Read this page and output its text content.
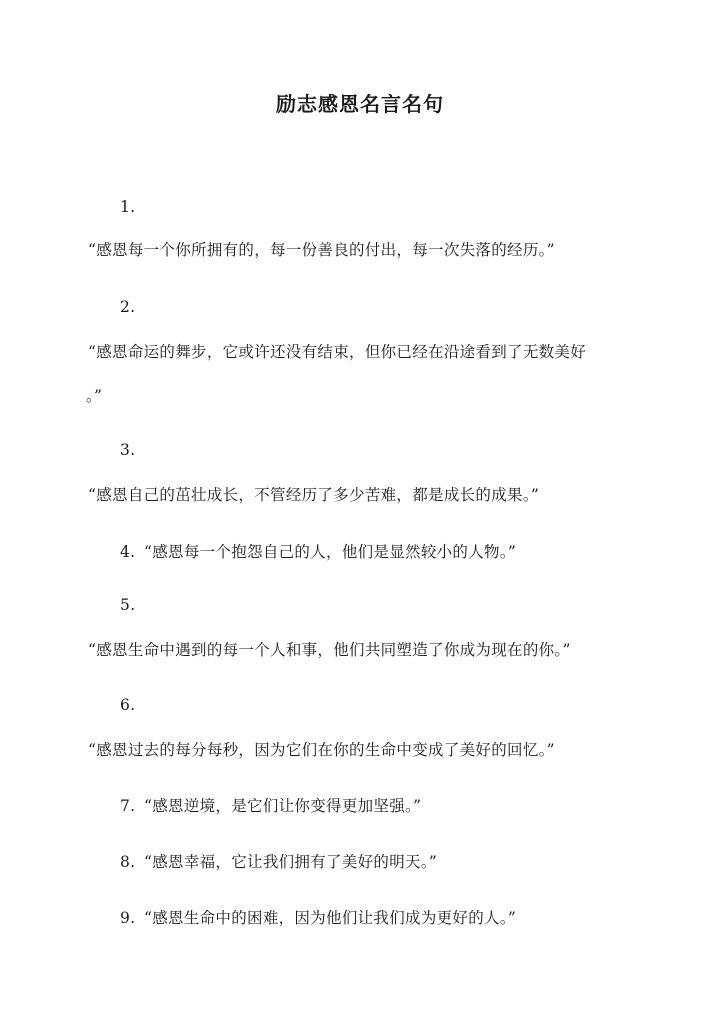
励志感恩名言名句
1.
“感恩每一个你所拥有的，每一份善良的付出，每一次失落的经历。”
2.
“感恩命运的舞步，它或许还没有结束，但你已经在沿途看到了无数美好
。”
3.
“感恩自己的茁壮成长，不管经历了多少苦难，都是成长的成果。”
4. “感恩每一个抱怨自己的人，他们是显然较小的人物。”
5.
“感恩生命中遇到的每一个人和事，他们共同塑造了你成为现在的你。”
6.
“感恩过去的每分每秒，因为它们在你的生命中变成了美好的回忆。”
7. “感恩逆境，是它们让你变得更加坚强。”
8. “感恩幸福，它让我们拥有了美好的明天。”
9. “感恩生命中的困难，因为他们让我们成为更好的人。”
